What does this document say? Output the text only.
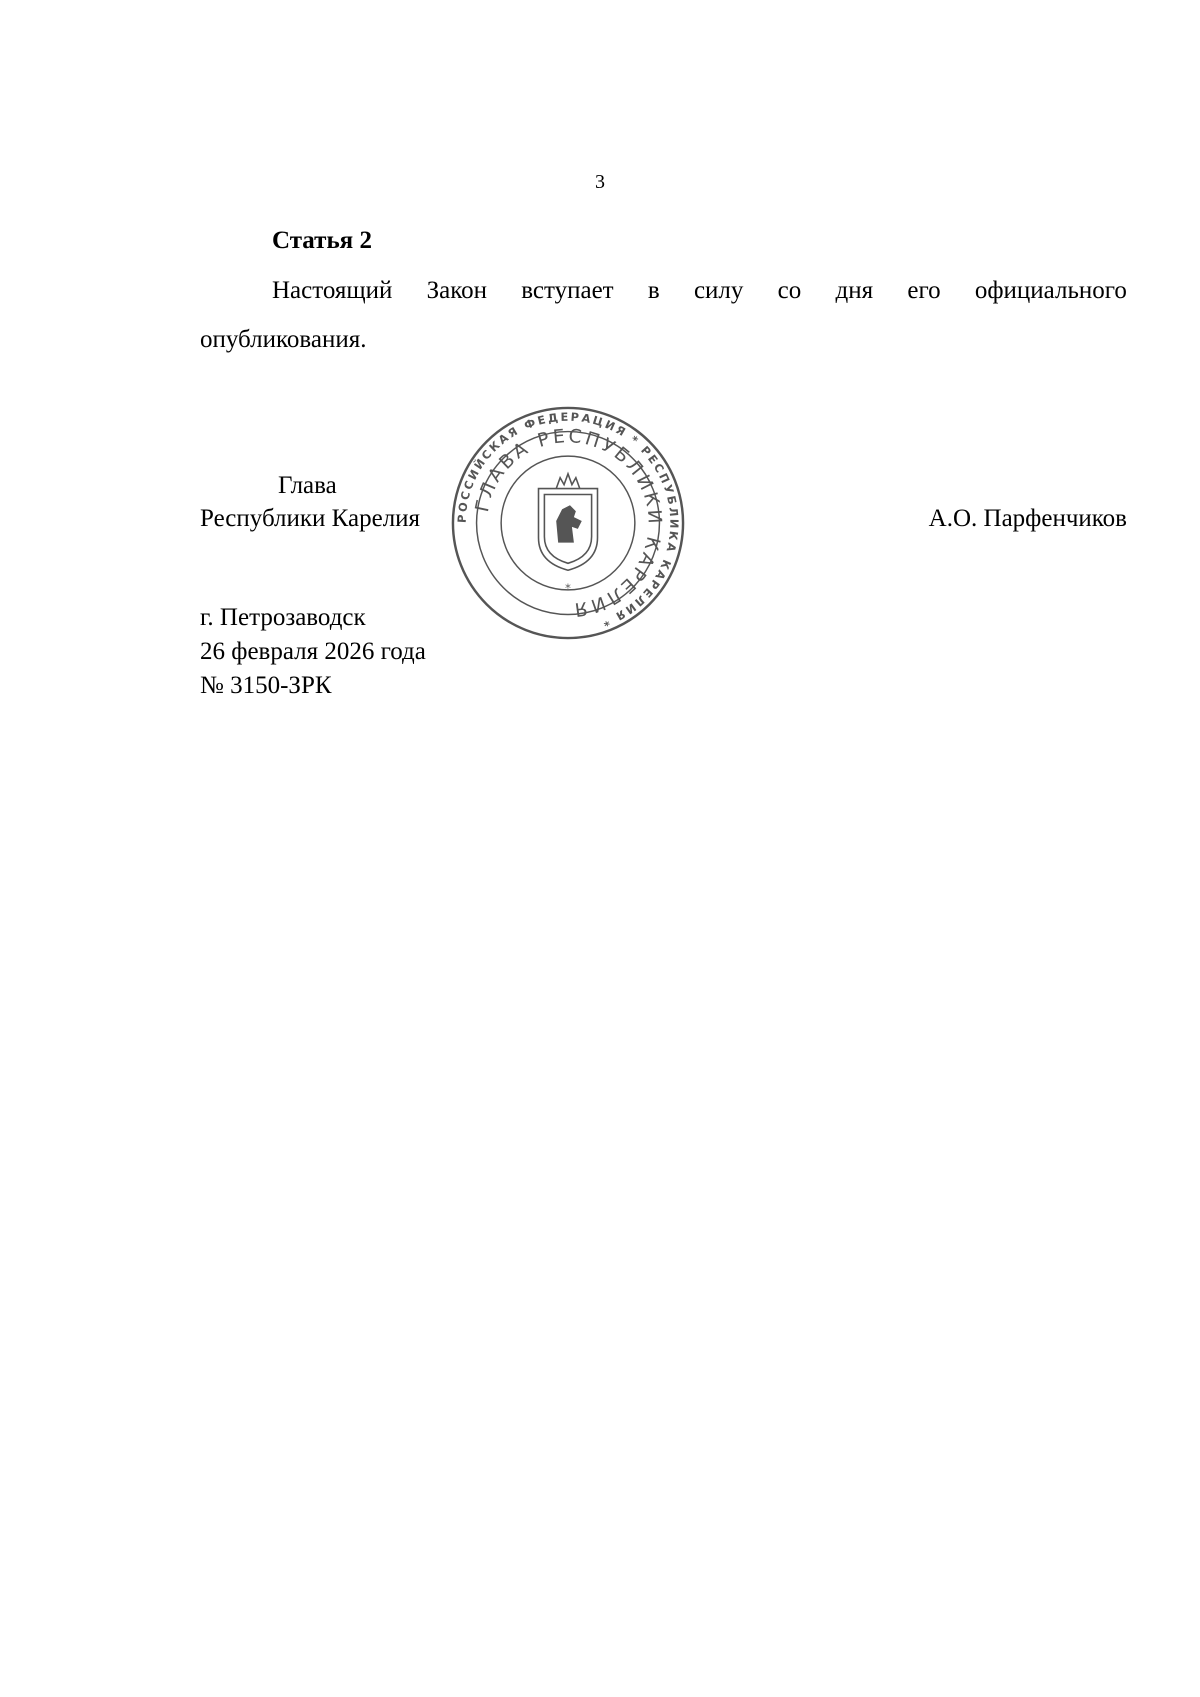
3
Статья 2
Настоящий Закон вступает в силу со дня его официального
опубликования.
Глава
Республики Карелия	А.О. Парфенчиков
РОССИЙСКАЯ ФЕДЕРАЦИЯ * РЕСПУБЛИКА КАРЕЛИЯ *
ГЛАВА РЕСПУБЛИКИ КАРЕЛИЯ
*
г. Петрозаводск
26 февраля 2026 года
№ 3150-ЗРК
